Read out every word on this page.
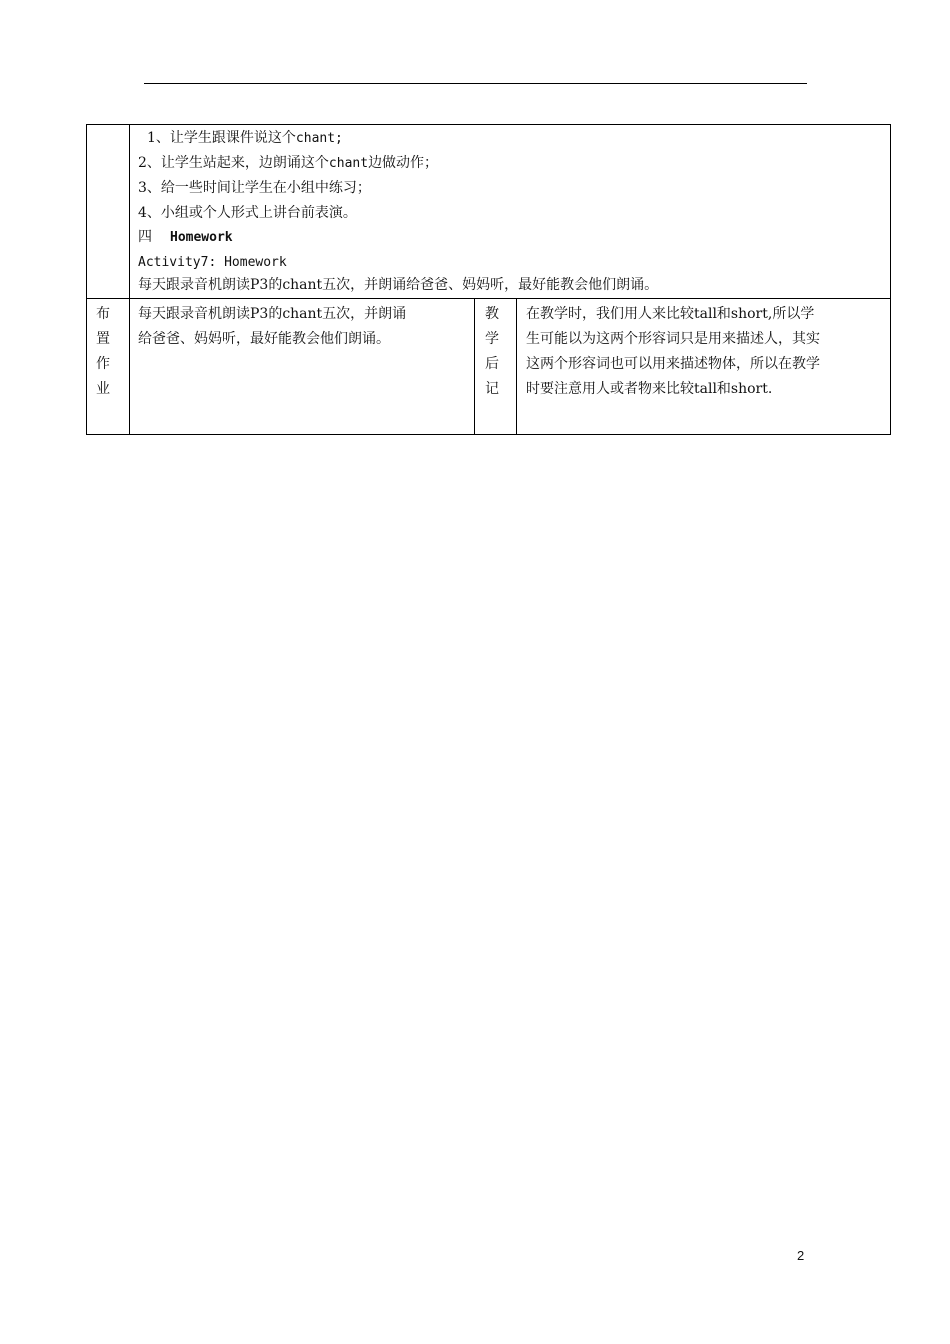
1、让学生跟课件说这个chant;
2、让学生站起来，边朗诵这个chant边做动作；
3、给一些时间让学生在小组中练习；
4、小组或个人形式上讲台前表演。
四 Homework
Activity7: Homework
每天跟录音机朗读P3的chant五次，并朗诵给爸爸、妈妈听，最好能教会他们朗诵。
布
置
作
业
每天跟录音机朗读P3的chant五次，并朗诵
给爸爸、妈妈听，最好能教会他们朗诵。
教
学
后
记
在教学时，我们用人来比较tall和short,所以学
生可能以为这两个形容词只是用来描述人，其实
这两个形容词也可以用来描述物体，所以在教学
时要注意用人或者物来比较tall和short.
2
